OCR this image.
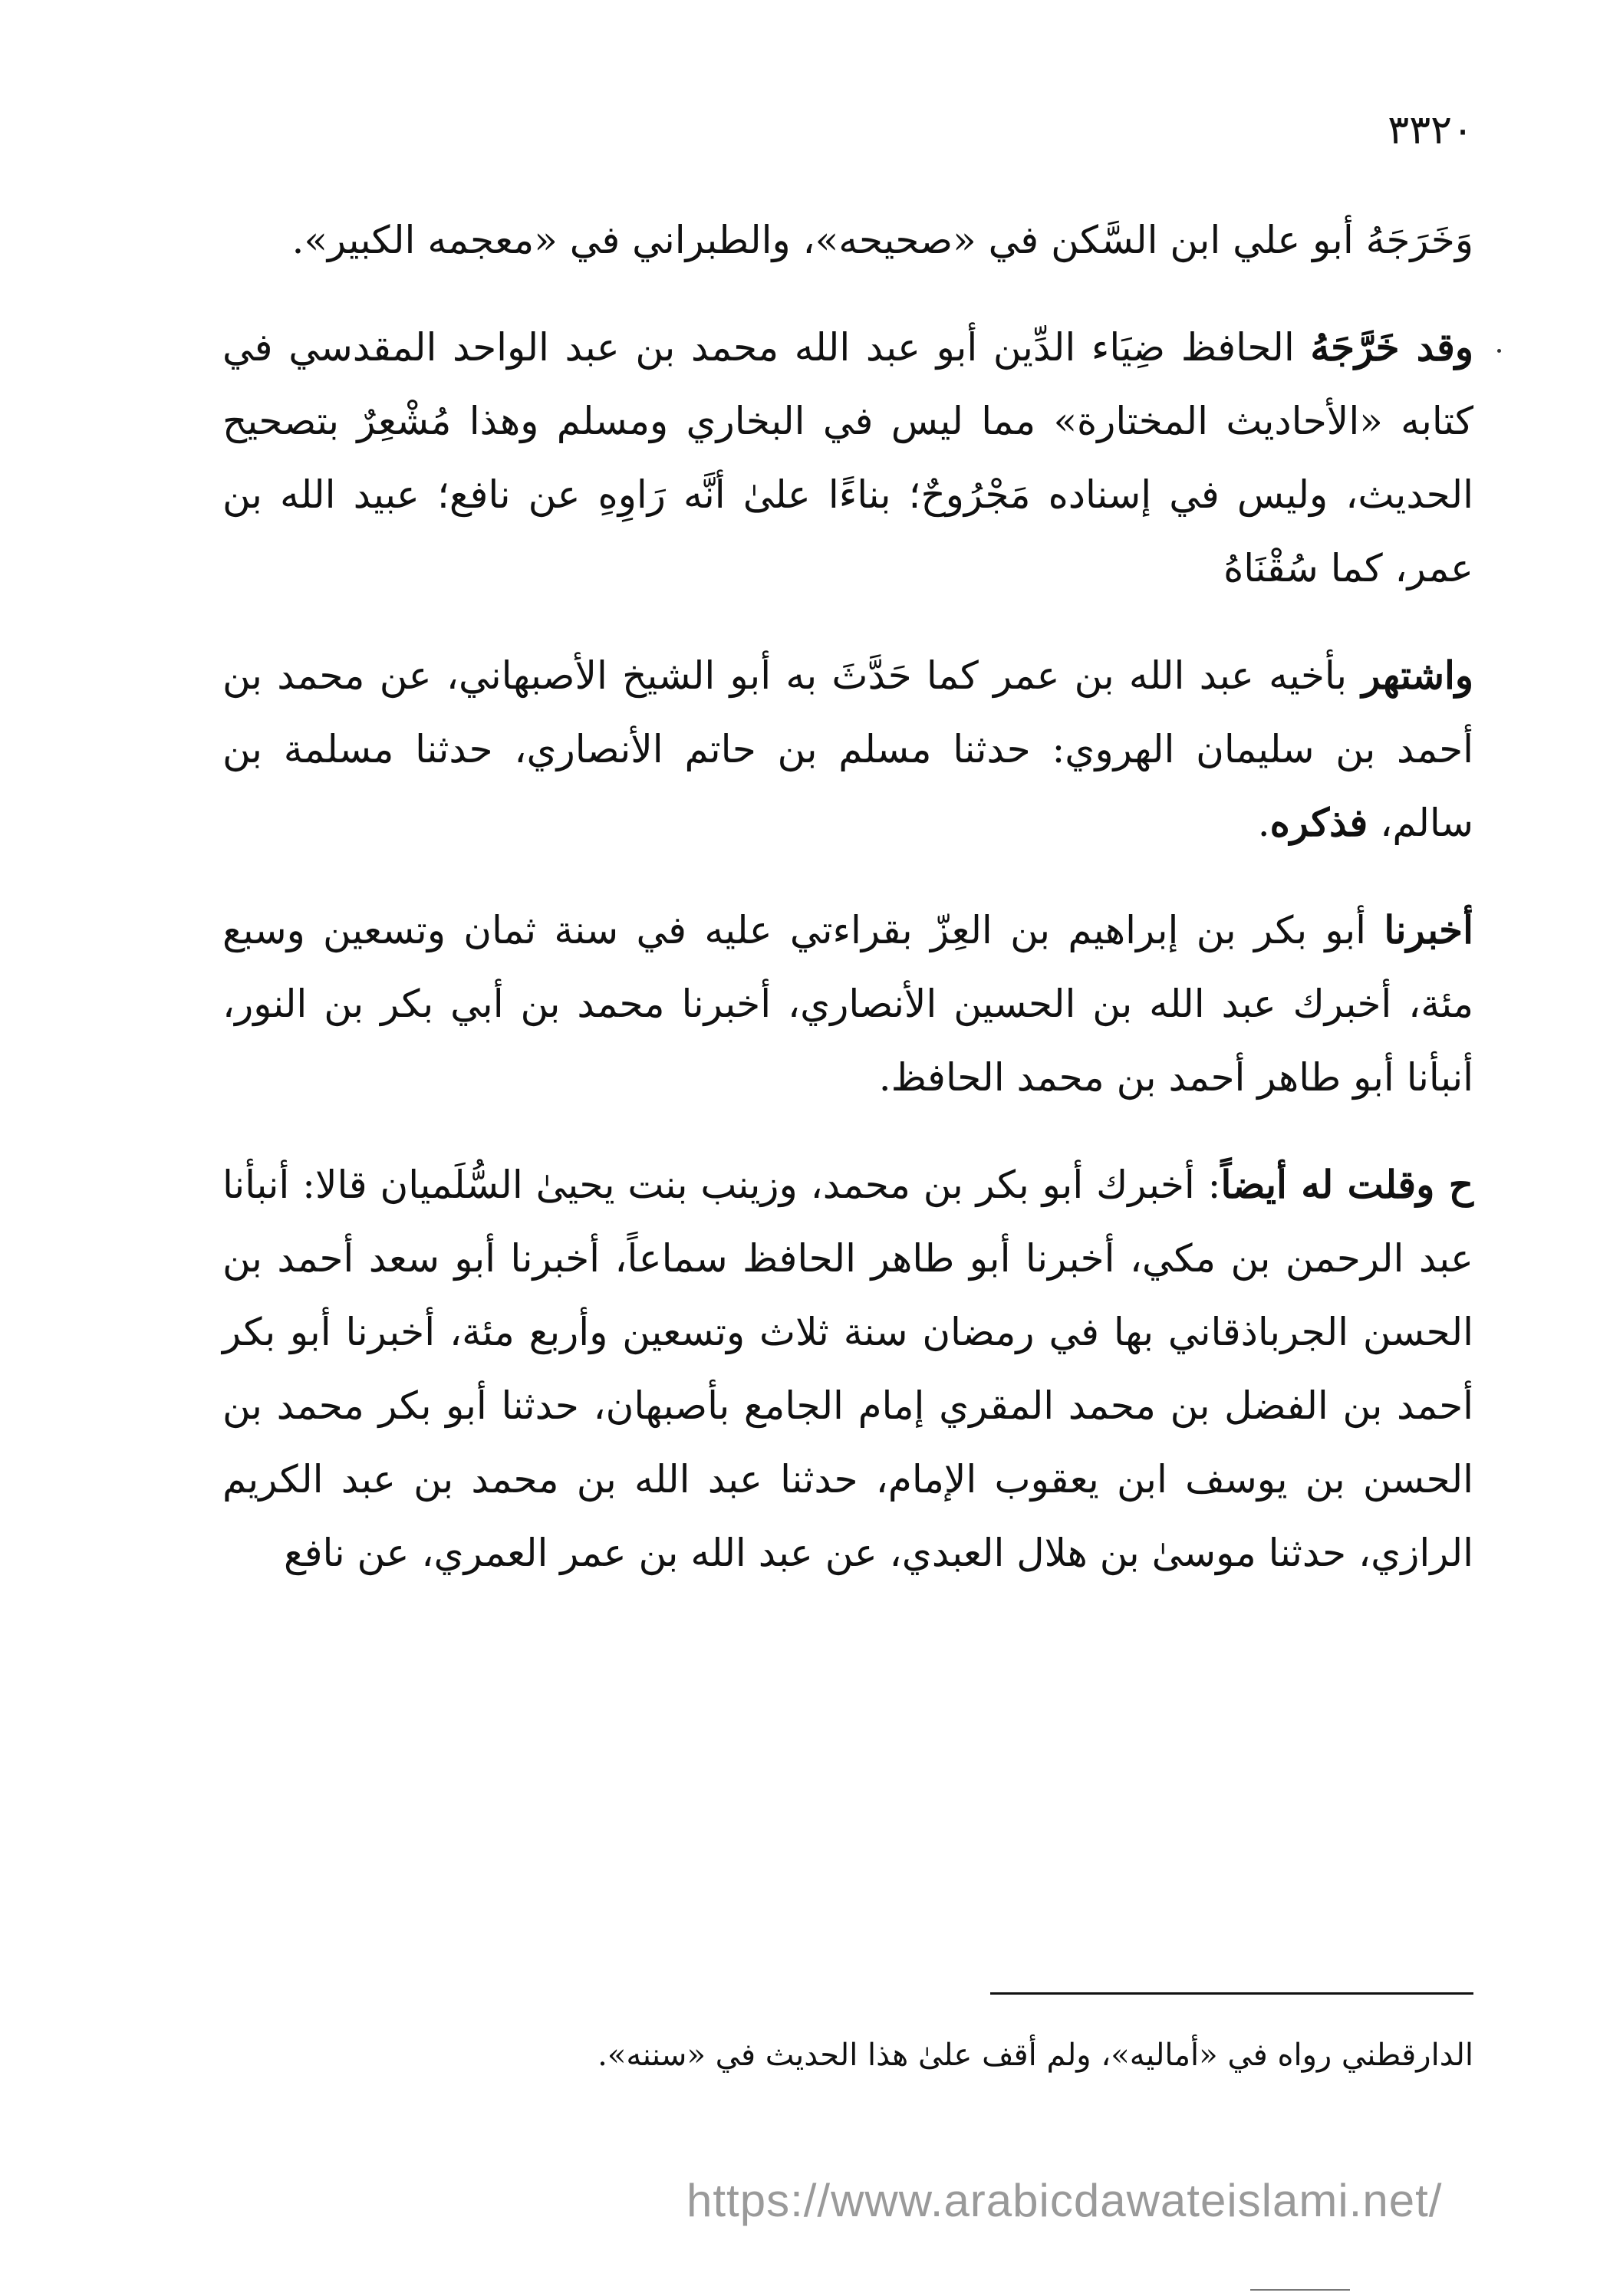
٣٣٢٠

وَخَرَجَهُ أبو علي ابن السَّكن في «صحيحه»، والطبراني في «معجمه الكبير».

وقد خَرَّجَهُ الحافظ ضِيَاء الدِّين أبو عبد الله محمد بن عبد الواحد المقدسي في كتابه «الأحاديث المختارة» مما ليس في البخاري ومسلم وهذا مُشْعِرٌ بتصحيح الحديث، وليس في إسناده مَجْرُوحٌ؛ بناءًا علىٰ أنَّه رَاوِهِ عن نافع؛ عبيد الله بن عمر، كما سُقْنَاهُ

واشتهر بأخيه عبد الله بن عمر كما حَدَّثَ به أبو الشيخ الأصبهاني، عن محمد بن أحمد بن سليمان الهروي: حدثنا مسلم بن حاتم الأنصاري، حدثنا مسلمة بن سالم، فذكره.

أخبرنا أبو بكر بن إبراهيم بن العِزّ بقراءتي عليه في سنة ثمان وتسعين وسبع مئة، أخبرك عبد الله بن الحسين الأنصاري، أخبرنا محمد بن أبي بكر بن النور، أنبأنا أبو طاهر أحمد بن محمد الحافظ.

ح وقلت له أيضاً: أخبرك أبو بكر بن محمد، وزينب بنت يحيىٰ السُّلَميان قالا: أنبأنا عبد الرحمن بن مكي، أخبرنا أبو طاهر الحافظ سماعاً، أخبرنا أبو سعد أحمد بن الحسن الجرباذقاني بها في رمضان سنة ثلاث وتسعين وأربع مئة، أخبرنا أبو بكر أحمد بن الفضل بن محمد المقري إمام الجامع بأصبهان، حدثنا أبو بكر محمد بن الحسن بن يوسف ابن يعقوب الإمام، حدثنا عبد الله بن محمد بن عبد الكريم الرازي، حدثنا موسىٰ بن هلال العبدي، عن عبد الله بن عمر العمري، عن نافع

الدارقطني رواه في «أماليه»، ولم أقف علىٰ هذا الحديث في «سننه».
https://www.arabicdawateislami.net/
